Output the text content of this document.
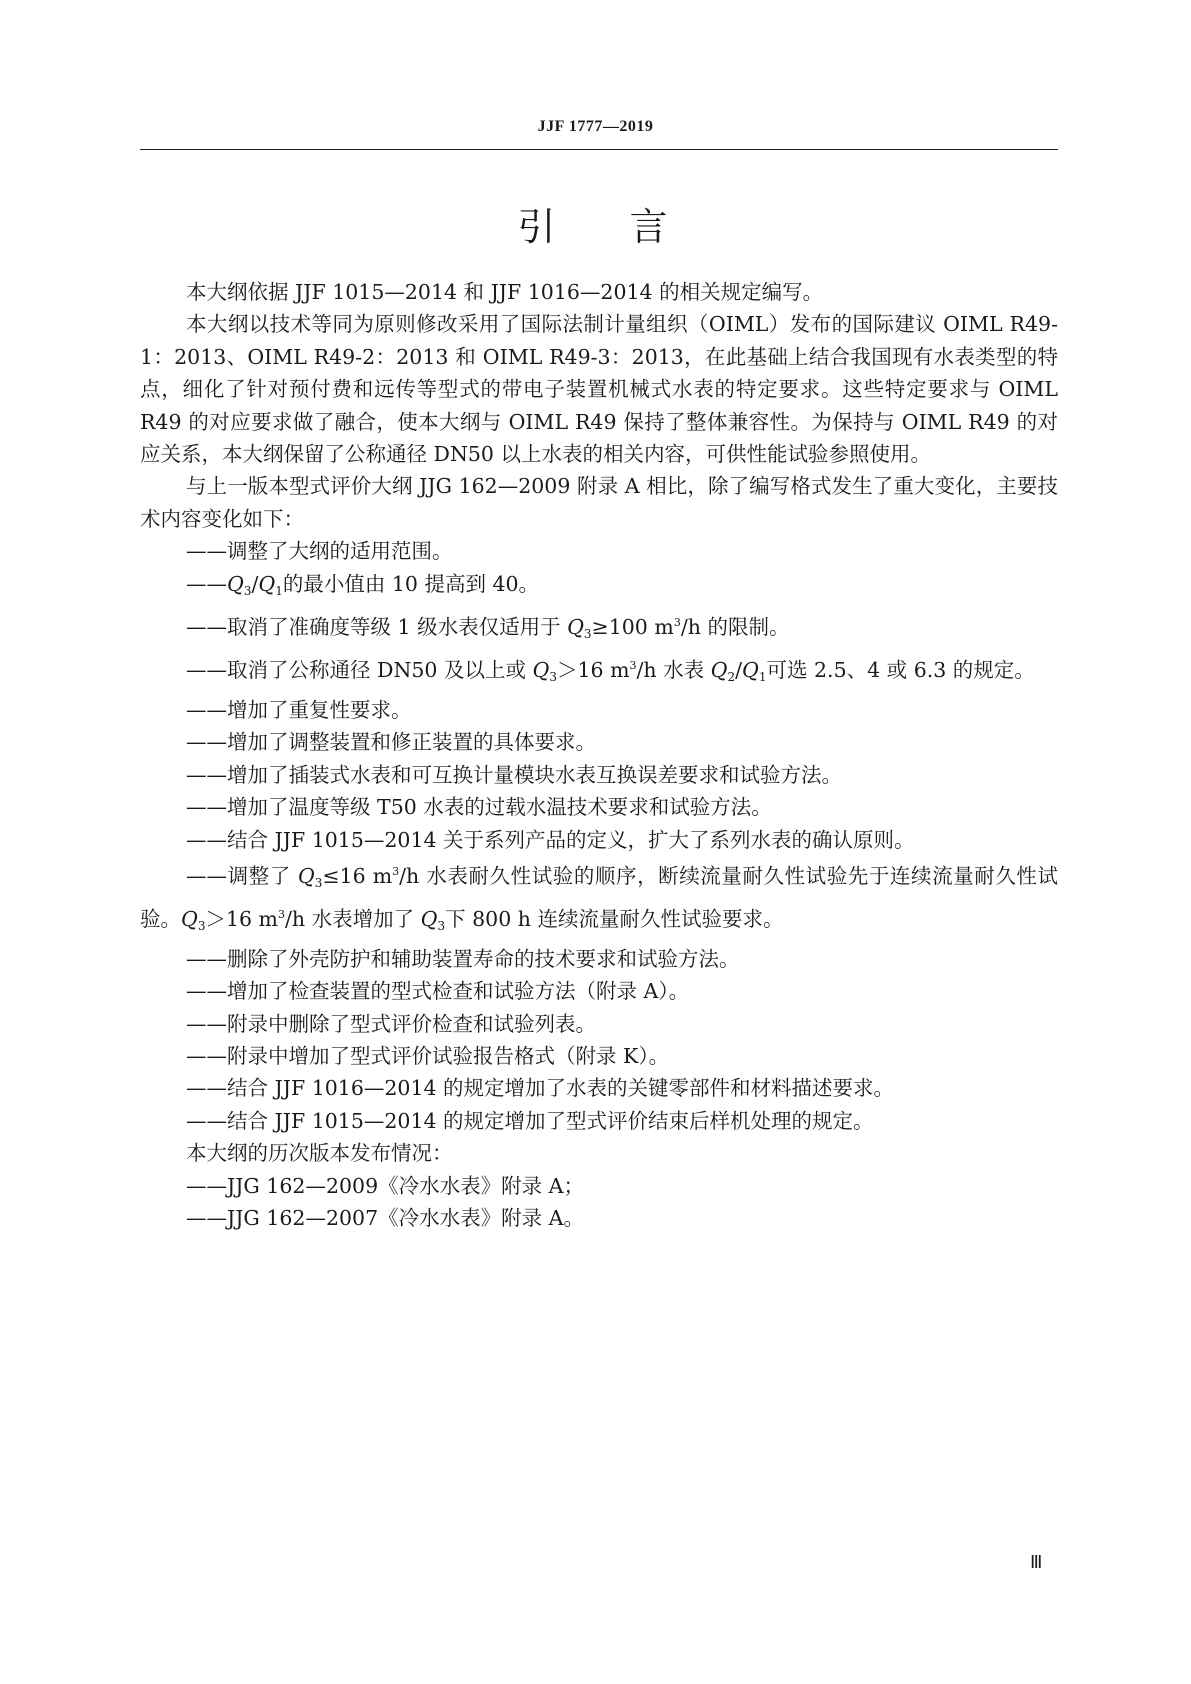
JJF 1777—2019
引 言

本大纲依据 JJF 1015—2014 和 JJF 1016—2014 的相关规定编写。

本大纲以技术等同为原则修改采用了国际法制计量组织（OIML）发布的国际建议 OIML R49-1：2013、OIML R49-2：2013 和 OIML R49-3：2013，在此基础上结合我国现有水表类型的特点，细化了针对预付费和远传等型式的带电子装置机械式水表的特定要求。这些特定要求与 OIML R49 的对应要求做了融合，使本大纲与 OIML R49 保持了整体兼容性。为保持与 OIML R49 的对应关系，本大纲保留了公称通径 DN50 以上水表的相关内容，可供性能试验参照使用。

与上一版本型式评价大纲 JJG 162—2009 附录 A 相比，除了编写格式发生了重大变化，主要技术内容变化如下：

——调整了大纲的适用范围。

——Q3/Q1的最小值由 10 提高到 40。

——取消了准确度等级 1 级水表仅适用于 Q3≥100 $m^3/h$ 的限制。

——取消了公称通径 DN50 及以上或 Q3＞16 $m^3/h$ 水表 Q2/Q1可选 2.5、4 或 6.3 的规定。

——增加了重复性要求。

——增加了调整装置和修正装置的具体要求。

——增加了插装式水表和可互换计量模块水表互换误差要求和试验方法。

——增加了温度等级 T50 水表的过载水温技术要求和试验方法。

——结合 JJF 1015—2014 关于系列产品的定义，扩大了系列水表的确认原则。

——调整了 Q3≤16 $m^3/h$ 水表耐久性试验的顺序，断续流量耐久性试验先于连续流量耐久性试验。Q3＞16 $m^3/h$ 水表增加了 Q3下 800 h 连续流量耐久性试验要求。

——删除了外壳防护和辅助装置寿命的技术要求和试验方法。

——增加了检查装置的型式检查和试验方法（附录 A）。

——附录中删除了型式评价检查和试验列表。

——附录中增加了型式评价试验报告格式（附录 K）。

——结合 JJF 1016—2014 的规定增加了水表的关键零部件和材料描述要求。

——结合 JJF 1015—2014 的规定增加了型式评价结束后样机处理的规定。

本大纲的历次版本发布情况：

——JJG 162—2009《冷水水表》附录 A；

——JJG 162—2007《冷水水表》附录 A。

Ⅲ
